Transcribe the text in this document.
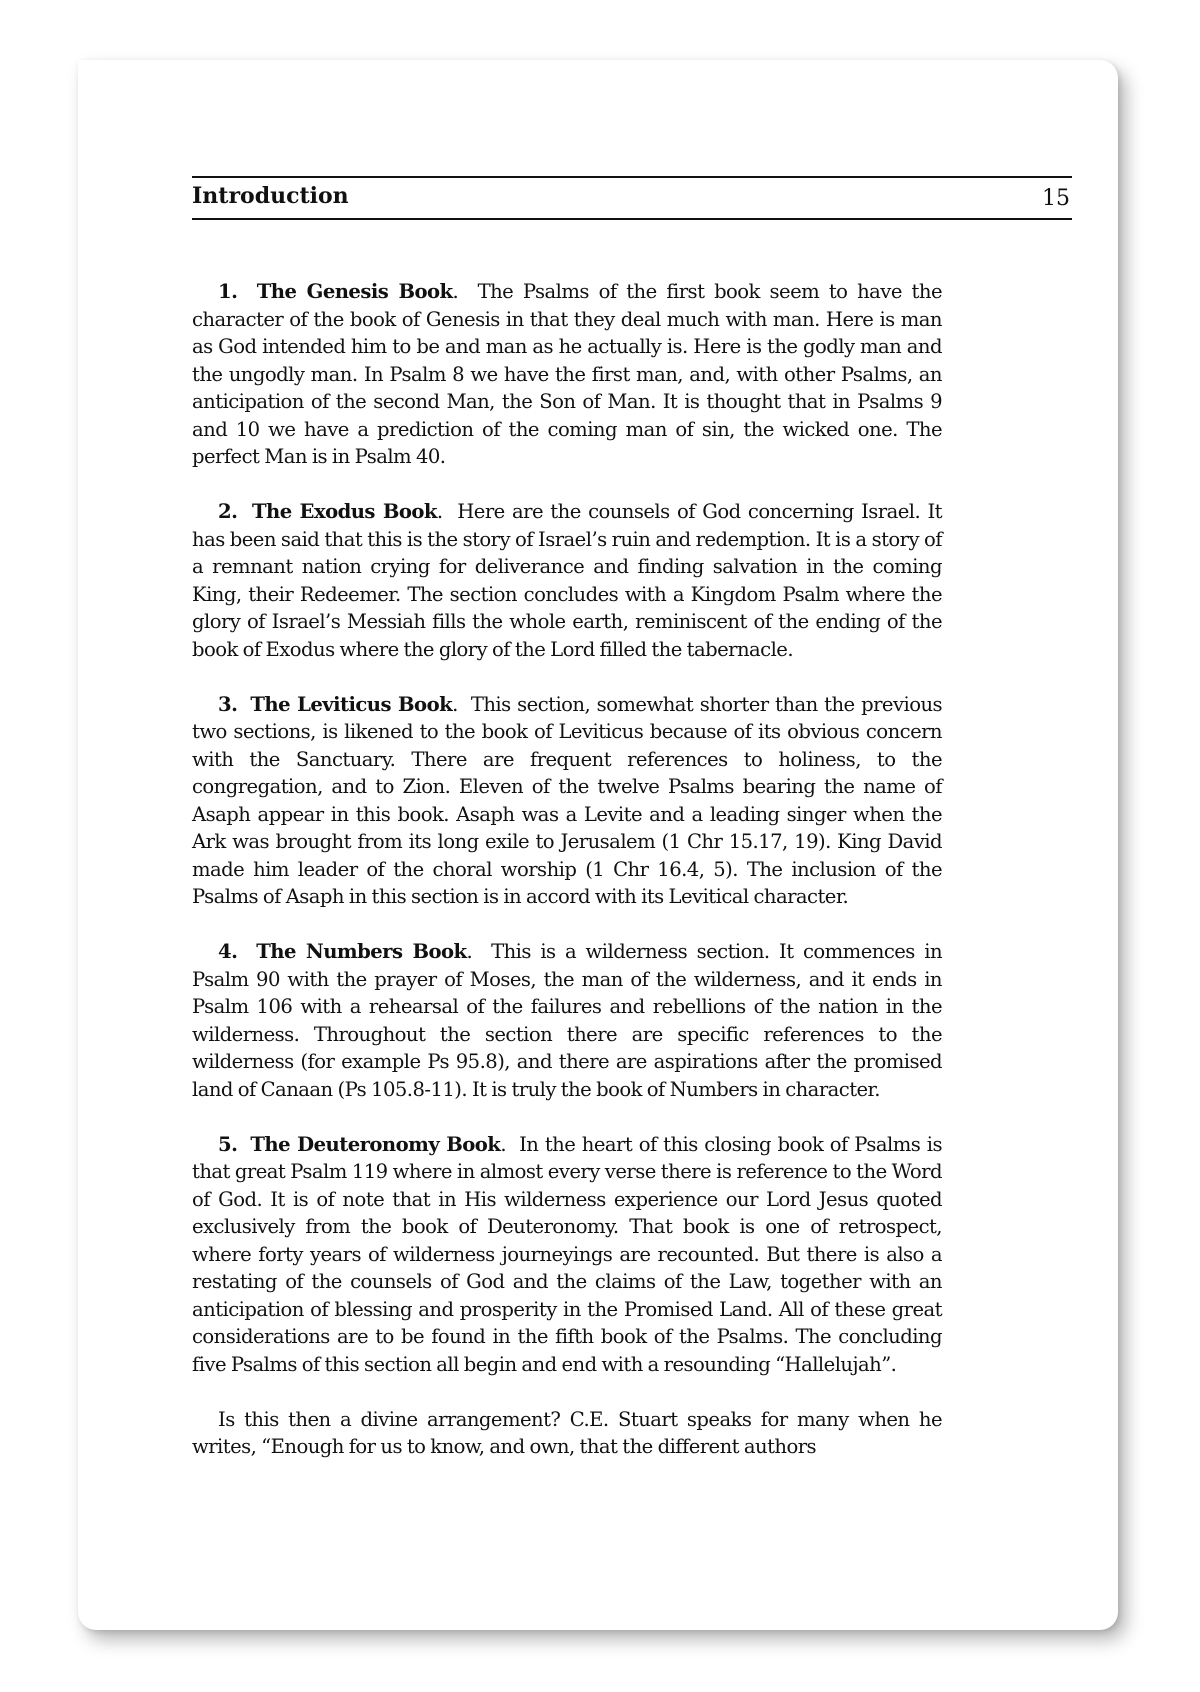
Introduction	15

1. The Genesis Book.  The Psalms of the first book seem to have the character of the book of Genesis in that they deal much with man. Here is man as God intended him to be and man as he actually is. Here is the godly man and the ungodly man. In Psalm 8 we have the first man, and, with other Psalms, an anticipation of the second Man, the Son of Man. It is thought that in Psalms 9 and 10 we have a prediction of the coming man of sin, the wicked one. The perfect Man is in Psalm 40.

2. The Exodus Book.  Here are the counsels of God concerning Israel. It has been said that this is the story of Israel’s ruin and redemption. It is a story of a remnant nation crying for deliverance and finding salvation in the coming King, their Redeemer. The section concludes with a Kingdom Psalm where the glory of Israel’s Messiah fills the whole earth, reminiscent of the ending of the book of Exodus where the glory of the Lord filled the tabernacle.

3. The Leviticus Book.  This section, somewhat shorter than the previous two sections, is likened to the book of Leviticus because of its obvious concern with the Sanctuary. There are frequent references to holiness, to the congregation, and to Zion. Eleven of the twelve Psalms bearing the name of Asaph appear in this book. Asaph was a Levite and a leading singer when the Ark was brought from its long exile to Jerusalem (1 Chr 15.17, 19). King David made him leader of the choral worship (1 Chr 16.4, 5). The inclusion of the Psalms of Asaph in this section is in accord with its Levitical character.

4. The Numbers Book.  This is a wilderness section. It commences in Psalm 90 with the prayer of Moses, the man of the wilderness, and it ends in Psalm 106 with a rehearsal of the failures and rebellions of the nation in the wilderness. Throughout the section there are specific references to the wilderness (for example Ps 95.8), and there are aspirations after the promised land of Canaan (Ps 105.8-11). It is truly the book of Numbers in character.

5. The Deuteronomy Book.  In the heart of this closing book of Psalms is that great Psalm 119 where in almost every verse there is reference to the Word of God. It is of note that in His wilderness experience our Lord Jesus quoted exclusively from the book of Deuteronomy. That book is one of retrospect, where forty years of wilderness journeyings are recounted. But there is also a restating of the counsels of God and the claims of the Law, together with an anticipation of blessing and prosperity in the Promised Land. All of these great considerations are to be found in the fifth book of the Psalms. The concluding five Psalms of this section all begin and end with a resounding “Hallelujah”.

Is this then a divine arrangement? C.E. Stuart speaks for many when he writes, “Enough for us to know, and own, that the different authors
